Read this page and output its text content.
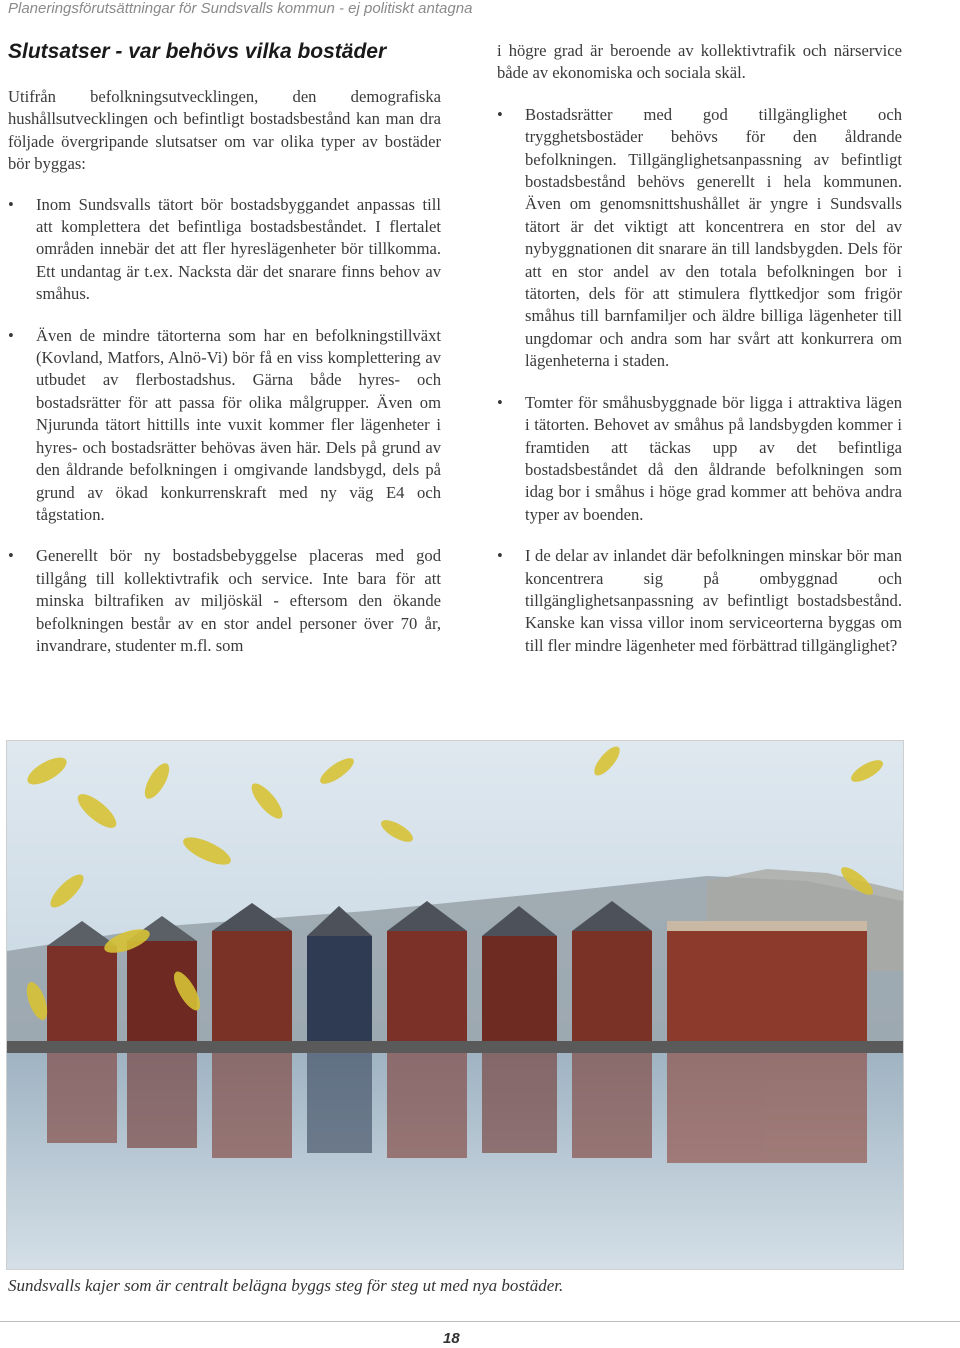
Planeringsförutsättningar för Sundsvalls kommun - ej politiskt antagna
Slutsatser - var behövs vilka bostäder

Utifrån befolkningsutvecklingen, den demografiska hushållsutvecklingen och befintligt bostadsbestånd kan man dra följade övergripande slutsatser om var olika typer av bostäder bör byggas:

• Inom Sundsvalls tätort bör bostadsbyggandet anpassas till att komplettera det befintliga bostadsbeståndet. I flertalet områden innebär det att fler hyreslägenheter bör tillkomma. Ett undantag är t.ex. Nacksta där det snarare finns behov av småhus.
• Även de mindre tätorterna som har en befolkningstillväxt (Kovland, Matfors, Alnö-Vi) bör få en viss komplettering av utbudet av flerbostadshus. Gärna både hyres- och bostadsrätter för att passa för olika målgrupper. Även om Njurunda tätort hittills inte vuxit kommer fler lägenheter i hyres- och bostadsrätter behövas även här. Dels på grund av den åldrande befolkningen i omgivande landsbygd, dels på grund av ökad konkurrenskraft med ny väg E4 och tågstation.
• Generellt bör ny bostadsbebyggelse placeras med god tillgång till kollektivtrafik och service. Inte bara för att minska biltrafiken av miljöskäl - eftersom den ökande befolkningen består av en stor andel personer över 70 år, invandrare, studenter m.fl. som

i högre grad är beroende av kollektivtrafik och närservice både av ekonomiska och sociala skäl.

• Bostadsrätter med god tillgänglighet och trygghetsbostäder behövs för den åldrande befolkningen. Tillgänglighetsanpassning av befintligt bostadsbestånd behövs generellt i hela kommunen. Även om genomsnittshushållet är yngre i Sundsvalls tätort är det viktigt att koncentrera en stor del av nybyggnationen dit snarare än till landsbygden. Dels för att en stor andel av den totala befolkningen bor i tätorten, dels för att stimulera flyttkedjor som frigör småhus till barnfamiljer och äldre billiga lägenheter till ungdomar och andra som har svårt att konkurrera om lägenheterna i staden.
• Tomter för småhusbyggnade bör ligga i attraktiva lägen i tätorten. Behovet av småhus på landsbygden kommer i framtiden att täckas upp av det befintliga bostadsbeståndet då den åldrande befolkningen som idag bor i småhus i höge grad kommer att behöva andra typer av boenden.
• I de delar av inlandet där befolkningen minskar bör man koncentrera sig på ombyggnad och tillgänglighetsanpassning av befintligt bostadsbestånd. Kanske kan vissa villor inom serviceorterna byggas om till fler mindre lägenheter med förbättrad tillgänglighet?
Sundsvalls kajer som är centralt belägna byggs steg för steg ut med nya bostäder.
18
